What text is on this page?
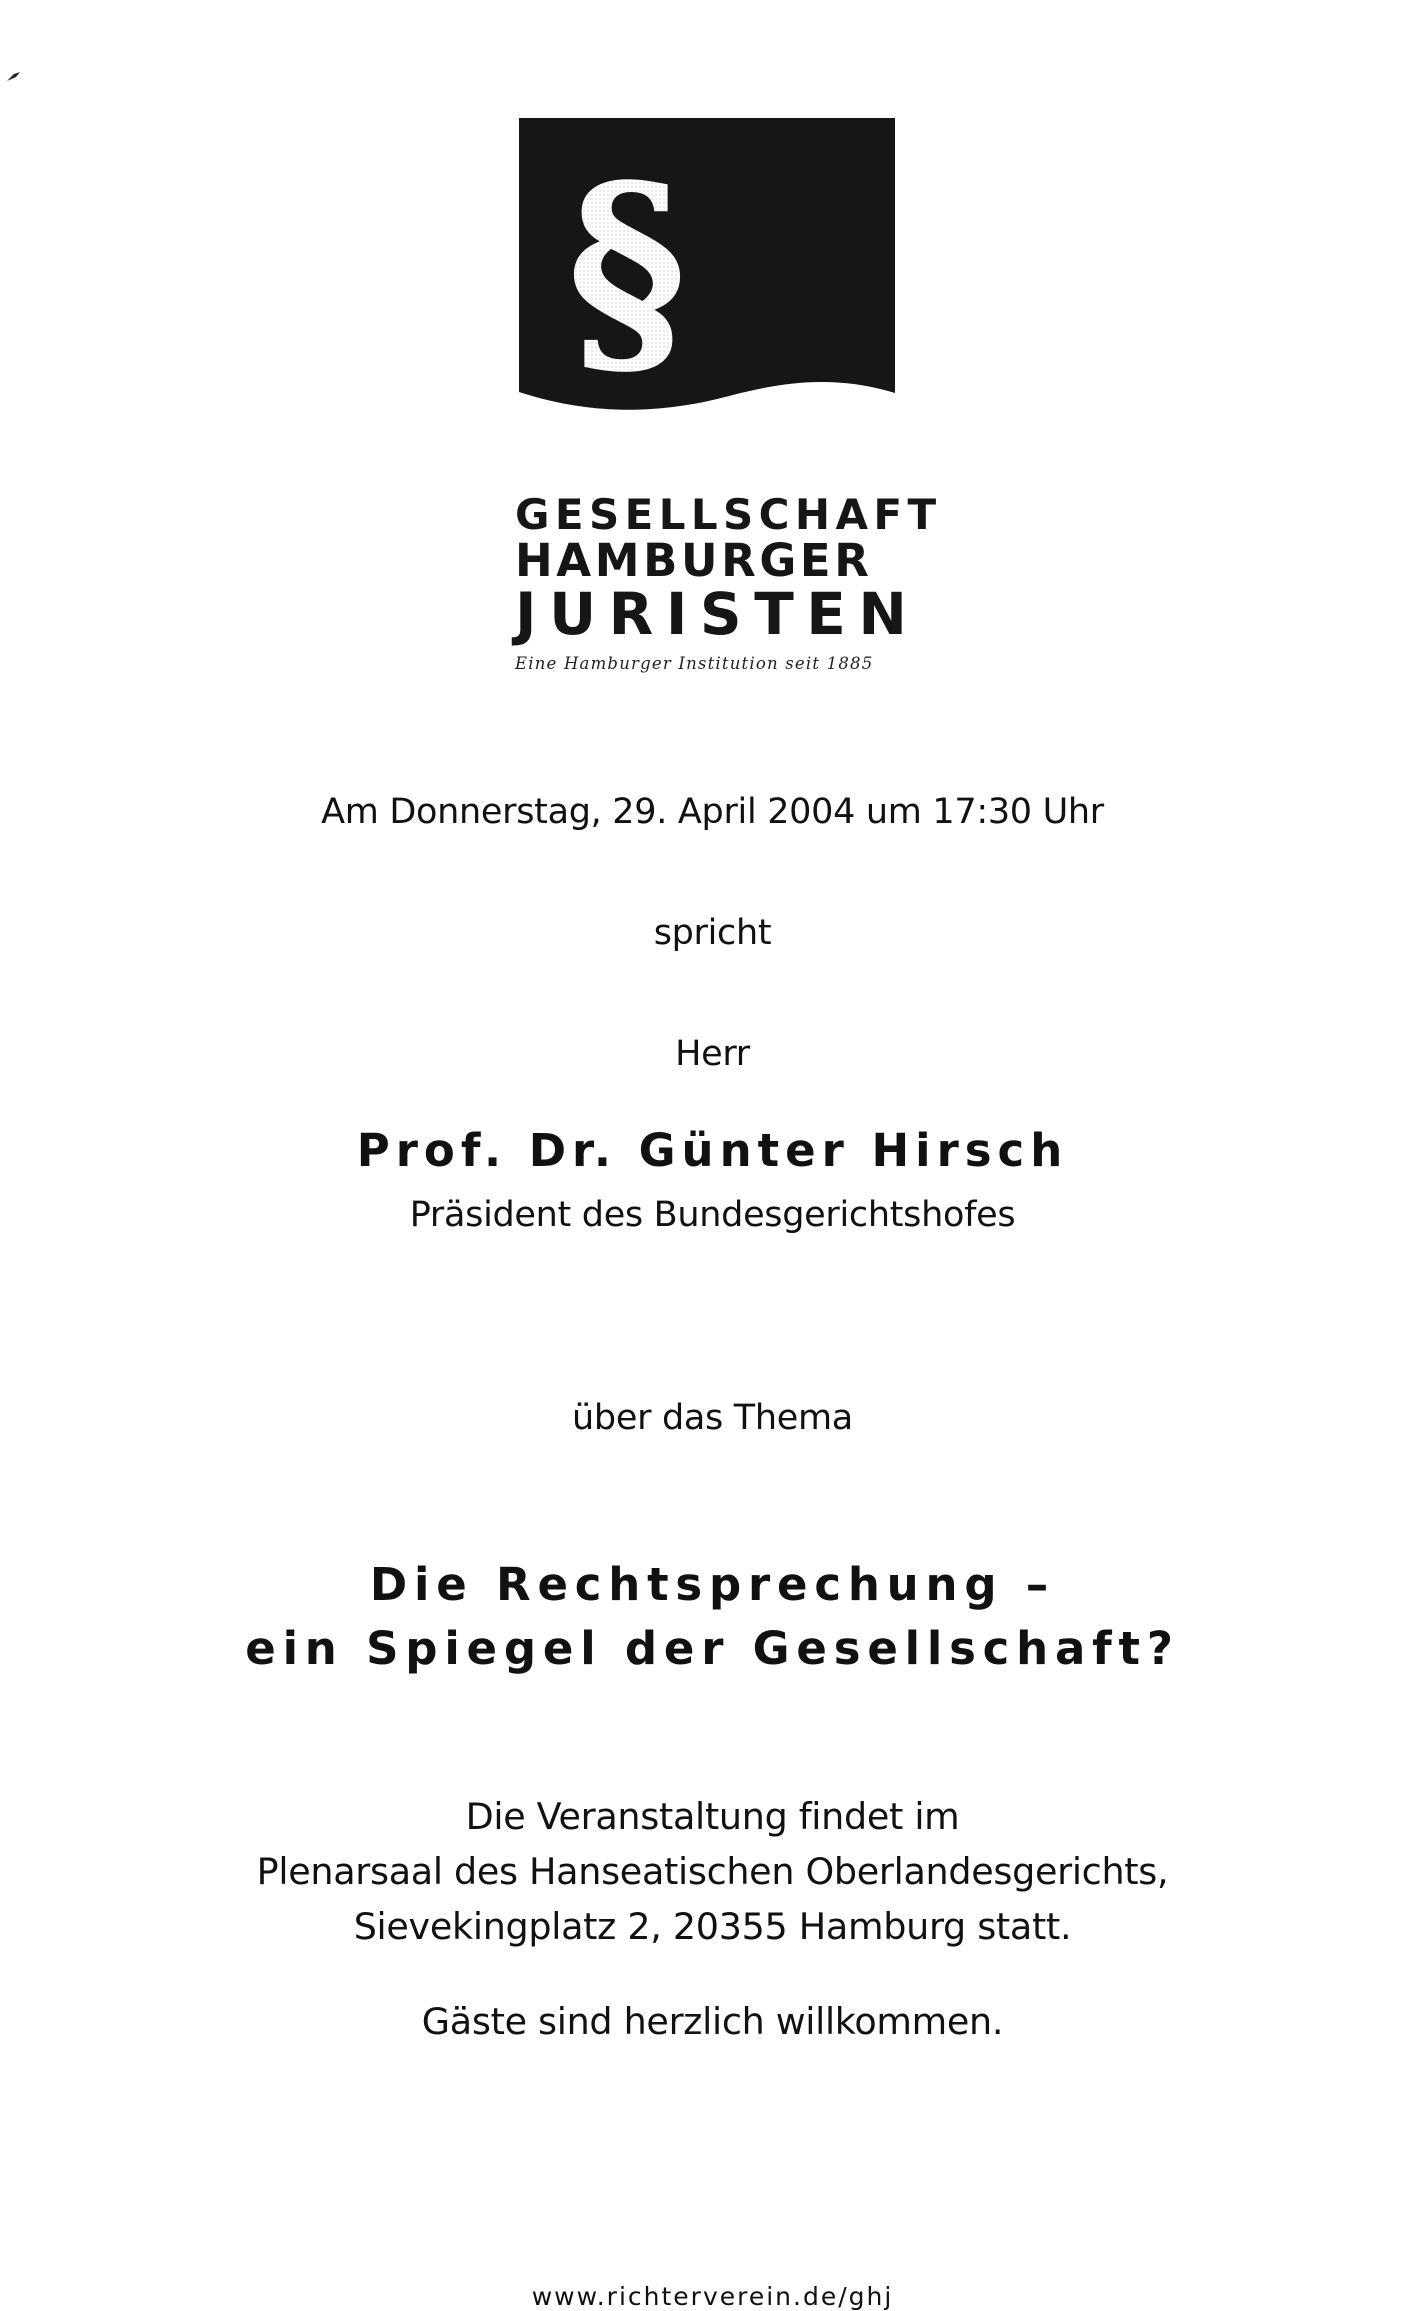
§
GESELLSCHAFT
HAMBURGER
JURISTEN
Eine Hamburger Institution seit 1885
Am Donnerstag, 29. April 2004 um 17:30 Uhr
spricht
Herr
Prof. Dr. Günter Hirsch
Präsident des Bundesgerichtshofes
über das Thema
Die Rechtsprechung –
ein Spiegel der Gesellschaft?
Die Veranstaltung findet im
Plenarsaal des Hanseatischen Oberlandesgerichts,
Sievekingplatz 2, 20355 Hamburg statt.
Gäste sind herzlich willkommen.
www.richterverein.de/ghj
